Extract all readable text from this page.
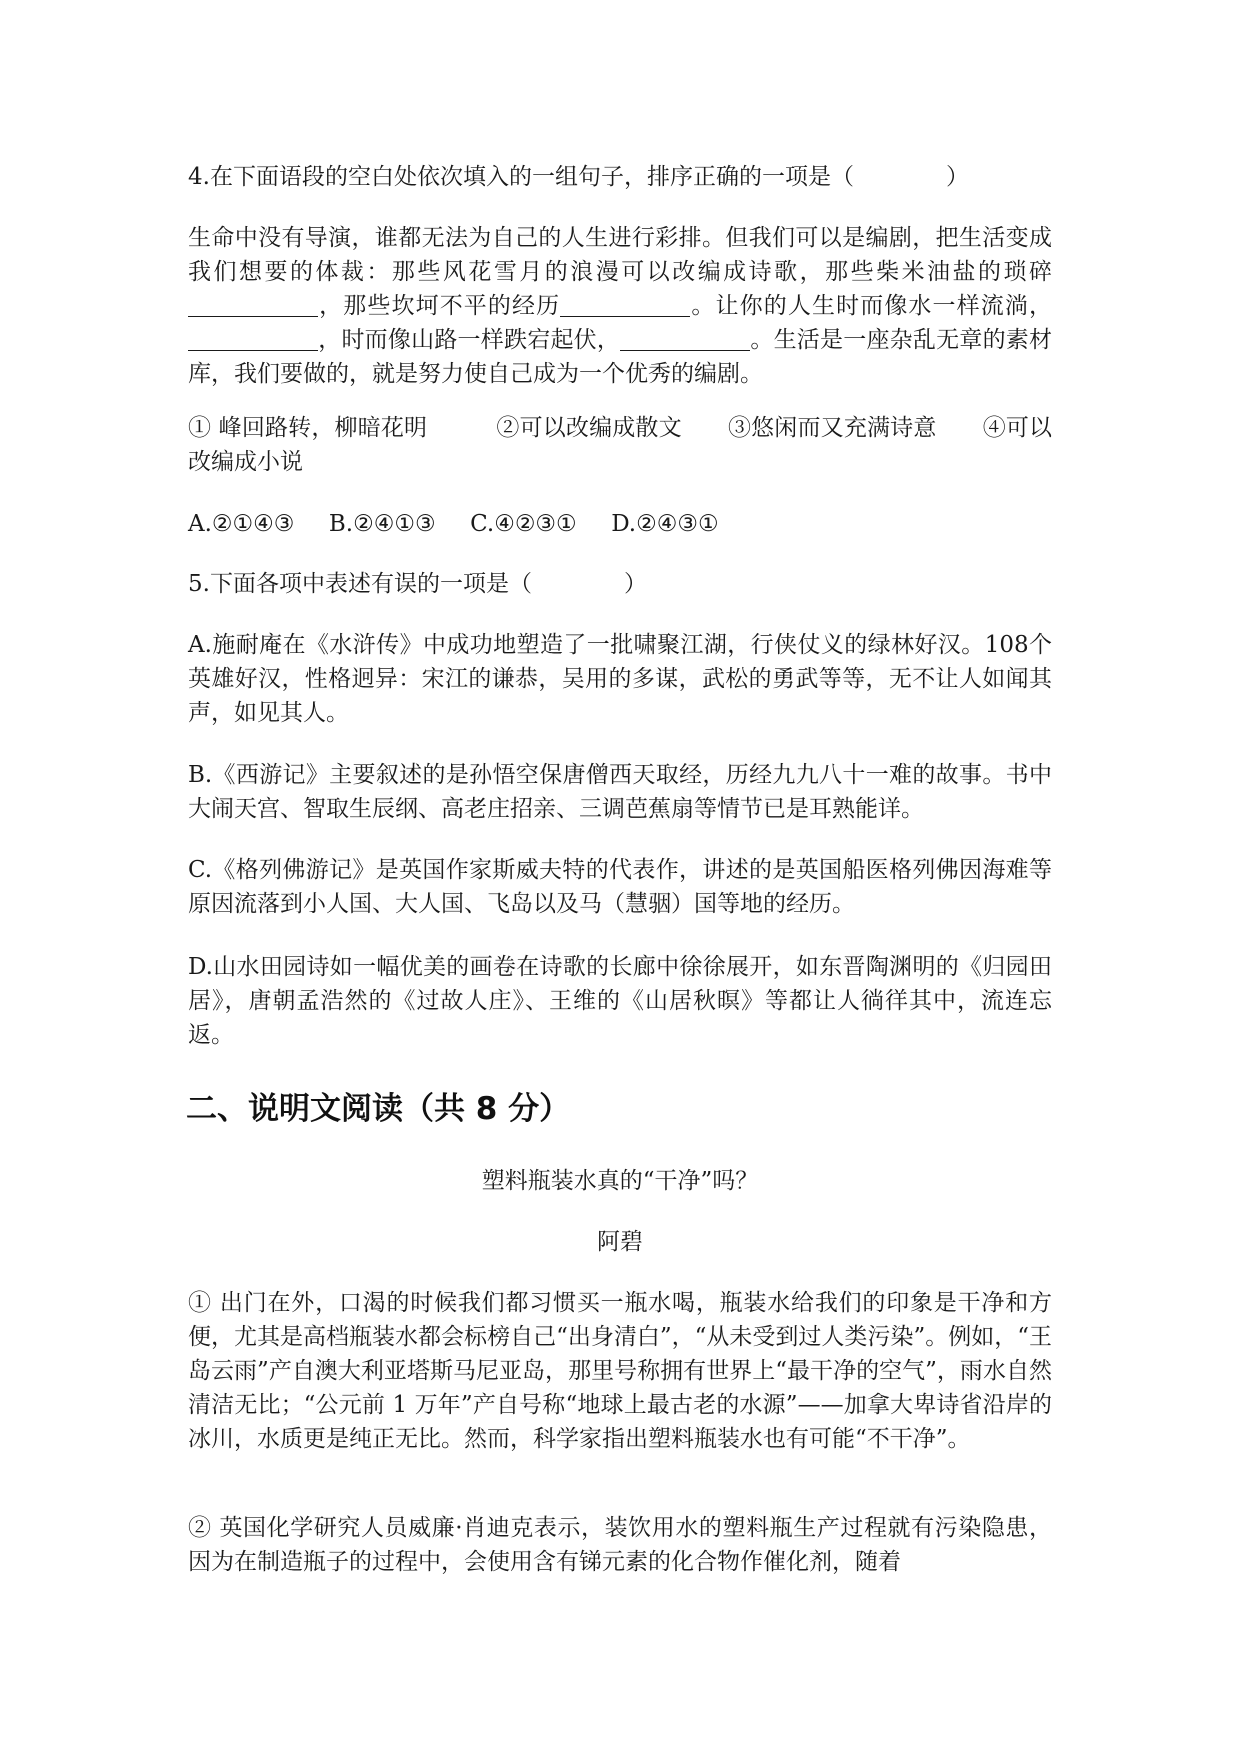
4.在下面语段的空白处依次填入的一组句子，排序正确的一项是（　　　　）

生命中没有导演，谁都无法为自己的人生进行彩排。但我们可以是编剧，把生活变成我们想要的体裁：那些风花雪月的浪漫可以改编成诗歌，那些柴米油盐的琐碎，那些坎坷不平的经历	。让你的人生时而像水一样流淌，，时而像山路一样跌宕起伏，	。生活是一座杂乱无章的素材库，我们要做的，就是努力使自己成为一个优秀的编剧。

① 峰回路转，柳暗花明   	②可以改编成散文   ③悠闲而又充满诗意   ④可以改编成小说

A.②①④③   B.②④①③   C.④②③①   D.②④③①

5.下面各项中表述有误的一项是（　　　　）

A.施耐庵在《水浒传》中成功地塑造了一批啸聚江湖，行侠仗义的绿林好汉。108个英雄好汉，性格迥异：宋江的谦恭，吴用的多谋，武松的勇武等等，无不让人如闻其声，如见其人。

B.《西游记》主要叙述的是孙悟空保唐僧西天取经，历经九九八十一难的故事。书中大闹天宫、智取生辰纲、高老庄招亲、三调芭蕉扇等情节已是耳熟能详。

C.《格列佛游记》是英国作家斯威夫特的代表作，讲述的是英国船医格列佛因海难等原因流落到小人国、大人国、飞岛以及马（慧骃）国等地的经历。

D.山水田园诗如一幅优美的画卷在诗歌的长廊中徐徐展开，如东晋陶渊明的《归园田居》，唐朝孟浩然的《过故人庄》、王维的《山居秋暝》等都让人徜徉其中，流连忘返。

二、说明文阅读（共 8 分）

塑料瓶装水真的“干净”吗？

阿碧

① 出门在外，口渴的时候我们都习惯买一瓶水喝，瓶装水给我们的印象是干净和方便，尤其是高档瓶装水都会标榜自己“出身清白”，“从未受到过人类污染”。例如，“王岛云雨”产自澳大利亚塔斯马尼亚岛，那里号称拥有世界上“最干净的空气”，雨水自然清洁无比；“公元前 1 万年”产自号称“地球上最古老的水源”——加拿大卑诗省沿岸的冰川，水质更是纯正无比。然而，科学家指出塑料瓶装水也有可能“不干净”。

② 英国化学研究人员威廉·肖迪克表示，装饮用水的塑料瓶生产过程就有污染隐患，因为在制造瓶子的过程中，会使用含有锑元素的化合物作催化剂，随着
